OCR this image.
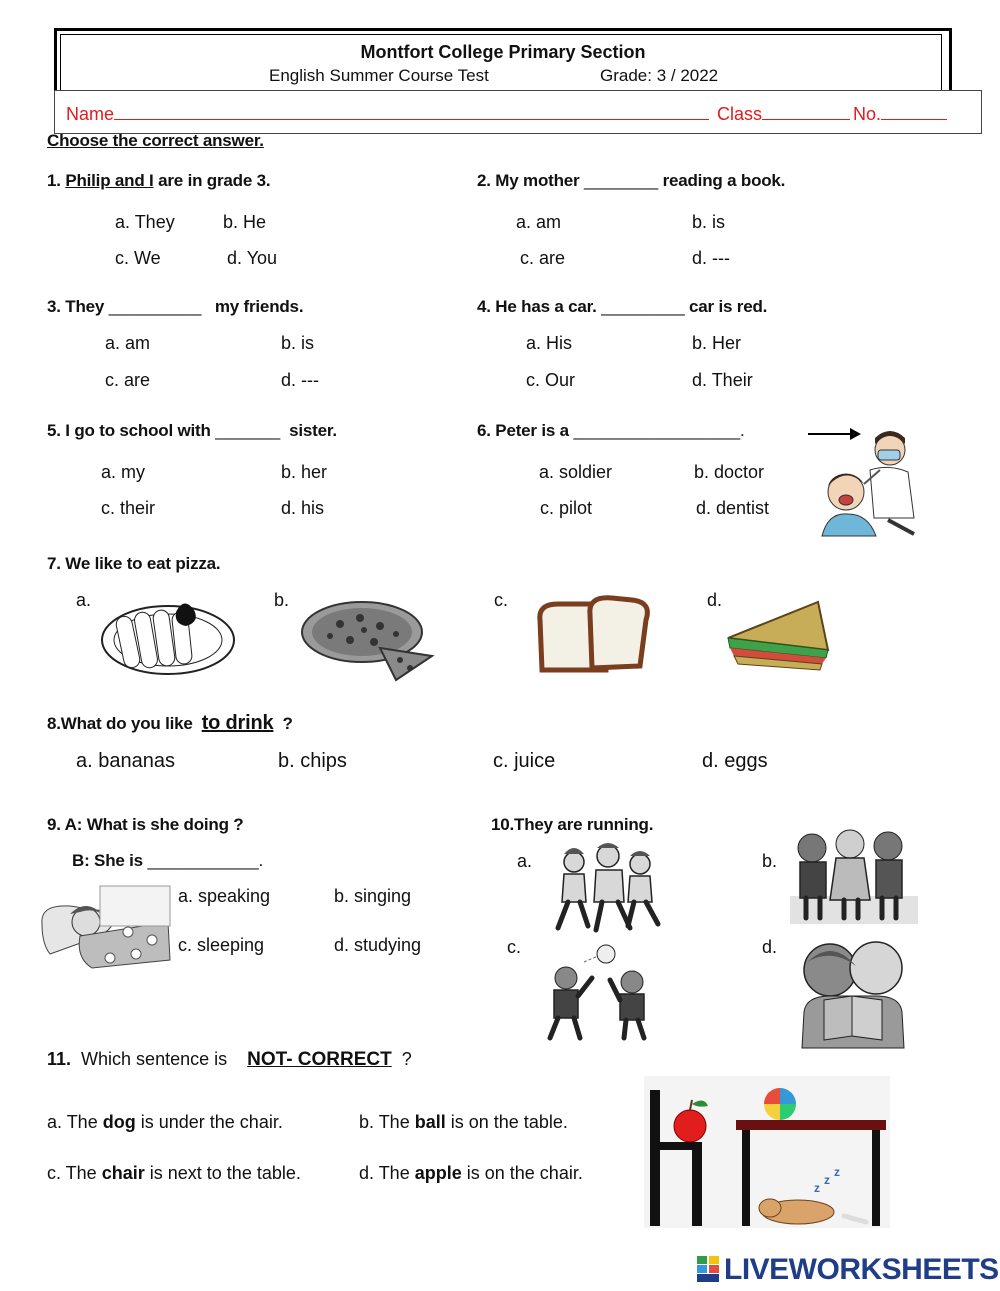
Montfort College Primary Section
English Summer Course Test	Grade: 3 / 2022
Name	Class	No.
Choose the correct answer.
1. Philip and I are in grade 3.
a. They	b. He
c. We	d. You
2. My mother ________ reading a book.
a. am	b. is
c. are	d. ---
3. They __________ my friends.
a. am	b. is
c. are	d. ---
4. He has a car. _________ car is red.
a. His	b. Her
c. Our	d. Their
5. I go to school with _______ sister.
a. my	b. her
c. their	d. his
6. Peter is a __________________.
a. soldier	b. doctor
c. pilot	d. dentist
7. We like to eat pizza.
a.	b.	c.	d.
8.What do you like to drink ?
a. bananas	b. chips	c. juice	d. eggs
9. A: What is she doing ?
B: She is ____________.
a. speaking	b. singing
c. sleeping	d. studying
10.They are running.
a.	b.
c.	d.
11. Which sentence is NOT- CORRECT ?
a. The dog is under the chair.	b. The ball is on the table.
c. The chair is next to the table.	d. The apple is on the chair.
z
z
z
LIVEWORKSHEETS
